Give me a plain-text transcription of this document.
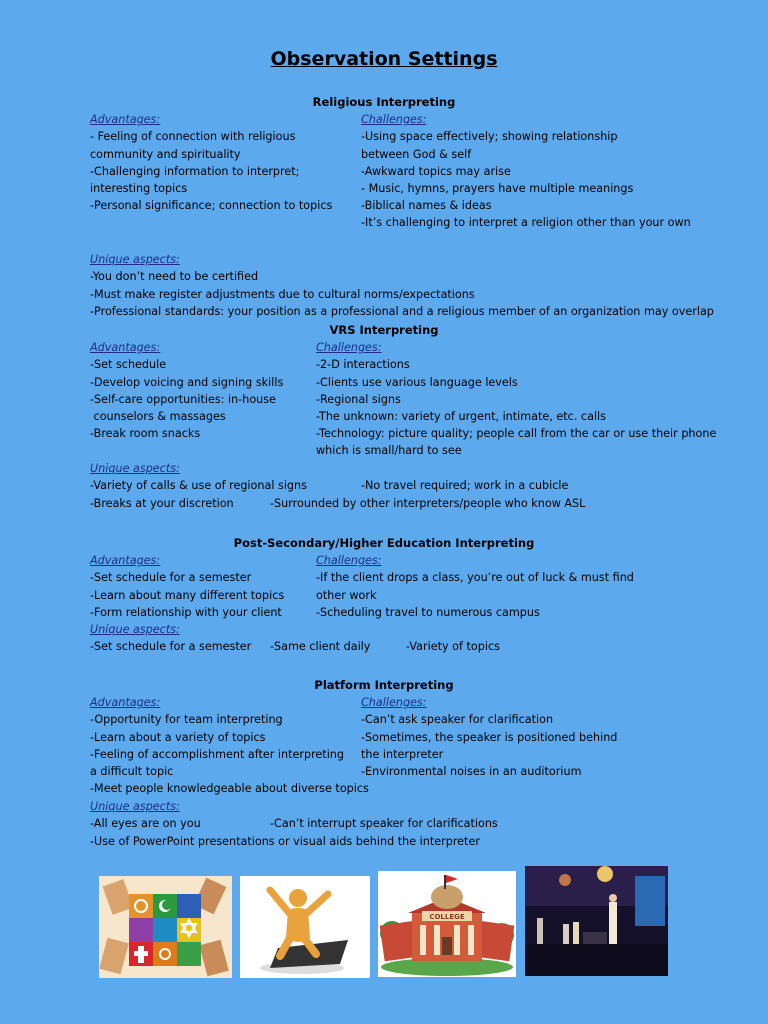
Observation Settings
Religious Interpreting
Advantages:
- Feeling of connection with religious
community and spirituality
-Challenging information to interpret;
interesting topics
-Personal significance; connection to topics
Challenges:
-Using space effectively; showing relationship
between God & self
-Awkward topics may arise
- Music, hymns, prayers have multiple meanings
-Biblical names & ideas
-It’s challenging to interpret a religion other than your own
Unique aspects:
-You don’t need to be certified
-Must make register adjustments due to cultural norms/expectations
-Professional standards: your position as a professional and a religious member of an organization may overlap
VRS Interpreting
Advantages:
-Set schedule
-Develop voicing and signing skills
-Self-care opportunities: in-house
counselors & massages
-Break room snacks
Challenges:
-2-D interactions
-Clients use various language levels
-Regional signs
-The unknown: variety of urgent, intimate, etc. calls
-Technology: picture quality; people call from the car or use their phone
which is small/hard to see
Unique aspects:
-Variety of calls & use of regional signs	-No travel required; work in a cubicle
-Breaks at your discretion	-Surrounded by other interpreters/people who know ASL
Post-Secondary/Higher Education Interpreting
Advantages:
-Set schedule for a semester
-Learn about many different topics
-Form relationship with your client
Challenges:
-If the client drops a class, you’re out of luck & must find
other work
-Scheduling travel to numerous campus
Unique aspects:
-Set schedule for a semester -Same client daily	-Variety of topics
Platform Interpreting
Advantages:
-Opportunity for team interpreting
-Learn about a variety of topics
-Feeling of accomplishment after interpreting
a difficult topic
-Meet people knowledgeable about diverse topics
Challenges:
-Can’t ask speaker for clarification
-Sometimes, the speaker is positioned behind
the interpreter
-Environmental noises in an auditorium
Unique aspects:
-All eyes are on you	-Can’t interrupt speaker for clarifications
-Use of PowerPoint presentations or visual aids behind the interpreter
COLLEGE
